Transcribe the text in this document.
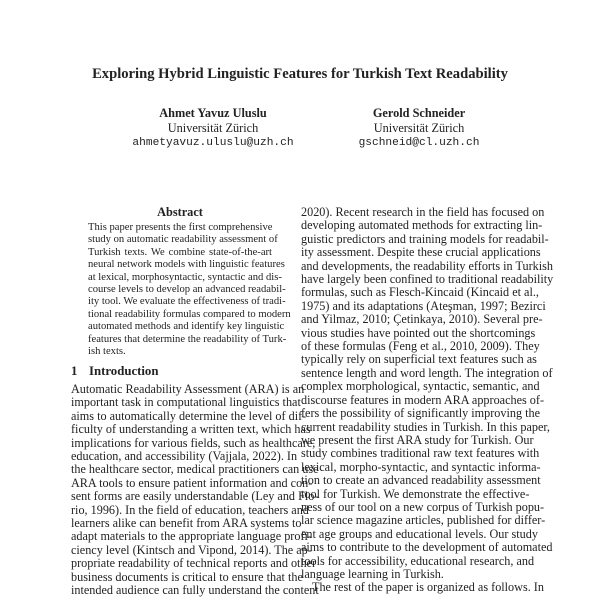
Exploring Hybrid Linguistic Features for Turkish Text Readability
Ahmet Yavuz Uluslu
Universität Zürich
ahmetyavuz.uluslu@uzh.ch
Gerold Schneider
Universität Zürich
gschneid@cl.uzh.ch
Abstract
This paper presents the first comprehensive
study on automatic readability assessment of
Turkish texts. We combine state-of-the-art
neural network models with linguistic features
at lexical, morphosyntactic, syntactic and dis-
course levels to develop an advanced readabil-
ity tool. We evaluate the effectiveness of tradi-
tional readability formulas compared to modern
automated methods and identify key linguistic
features that determine the readability of Turk-
ish texts.
1 Introduction
Automatic Readability Assessment (ARA) is an
important task in computational linguistics that
aims to automatically determine the level of dif-
ficulty of understanding a written text, which has
implications for various fields, such as healthcare,
education, and accessibility (Vajjala, 2022). In
the healthcare sector, medical practitioners can use
ARA tools to ensure patient information and con-
sent forms are easily understandable (Ley and Flo-
rio, 1996). In the field of education, teachers and
learners alike can benefit from ARA systems to
adapt materials to the appropriate language profi-
ciency level (Kintsch and Vipond, 2014). The ap-
propriate readability of technical reports and other
business documents is critical to ensure that the
intended audience can fully understand the content
2020). Recent research in the field has focused on
developing automated methods for extracting lin-
guistic predictors and training models for readabil-
ity assessment. Despite these crucial applications
and developments, the readability efforts in Turkish
have largely been confined to traditional readability
formulas, such as Flesch-Kincaid (Kincaid et al.,
1975) and its adaptations (Ateşman, 1997; Bezirci
and Yilmaz, 2010; Çetinkaya, 2010). Several pre-
vious studies have pointed out the shortcomings
of these formulas (Feng et al., 2010, 2009). They
typically rely on superficial text features such as
sentence length and word length. The integration of
complex morphological, syntactic, semantic, and
discourse features in modern ARA approaches of-
fers the possibility of significantly improving the
current readability studies in Turkish. In this paper,
we present the first ARA study for Turkish. Our
study combines traditional raw text features with
lexical, morpho-syntactic, and syntactic informa-
tion to create an advanced readability assessment
tool for Turkish. We demonstrate the effective-
ness of our tool on a new corpus of Turkish popu-
lar science magazine articles, published for differ-
ent age groups and educational levels. Our study
aims to contribute to the development of automated
tools for accessibility, educational research, and
language learning in Turkish.
The rest of the paper is organized as follows. In
